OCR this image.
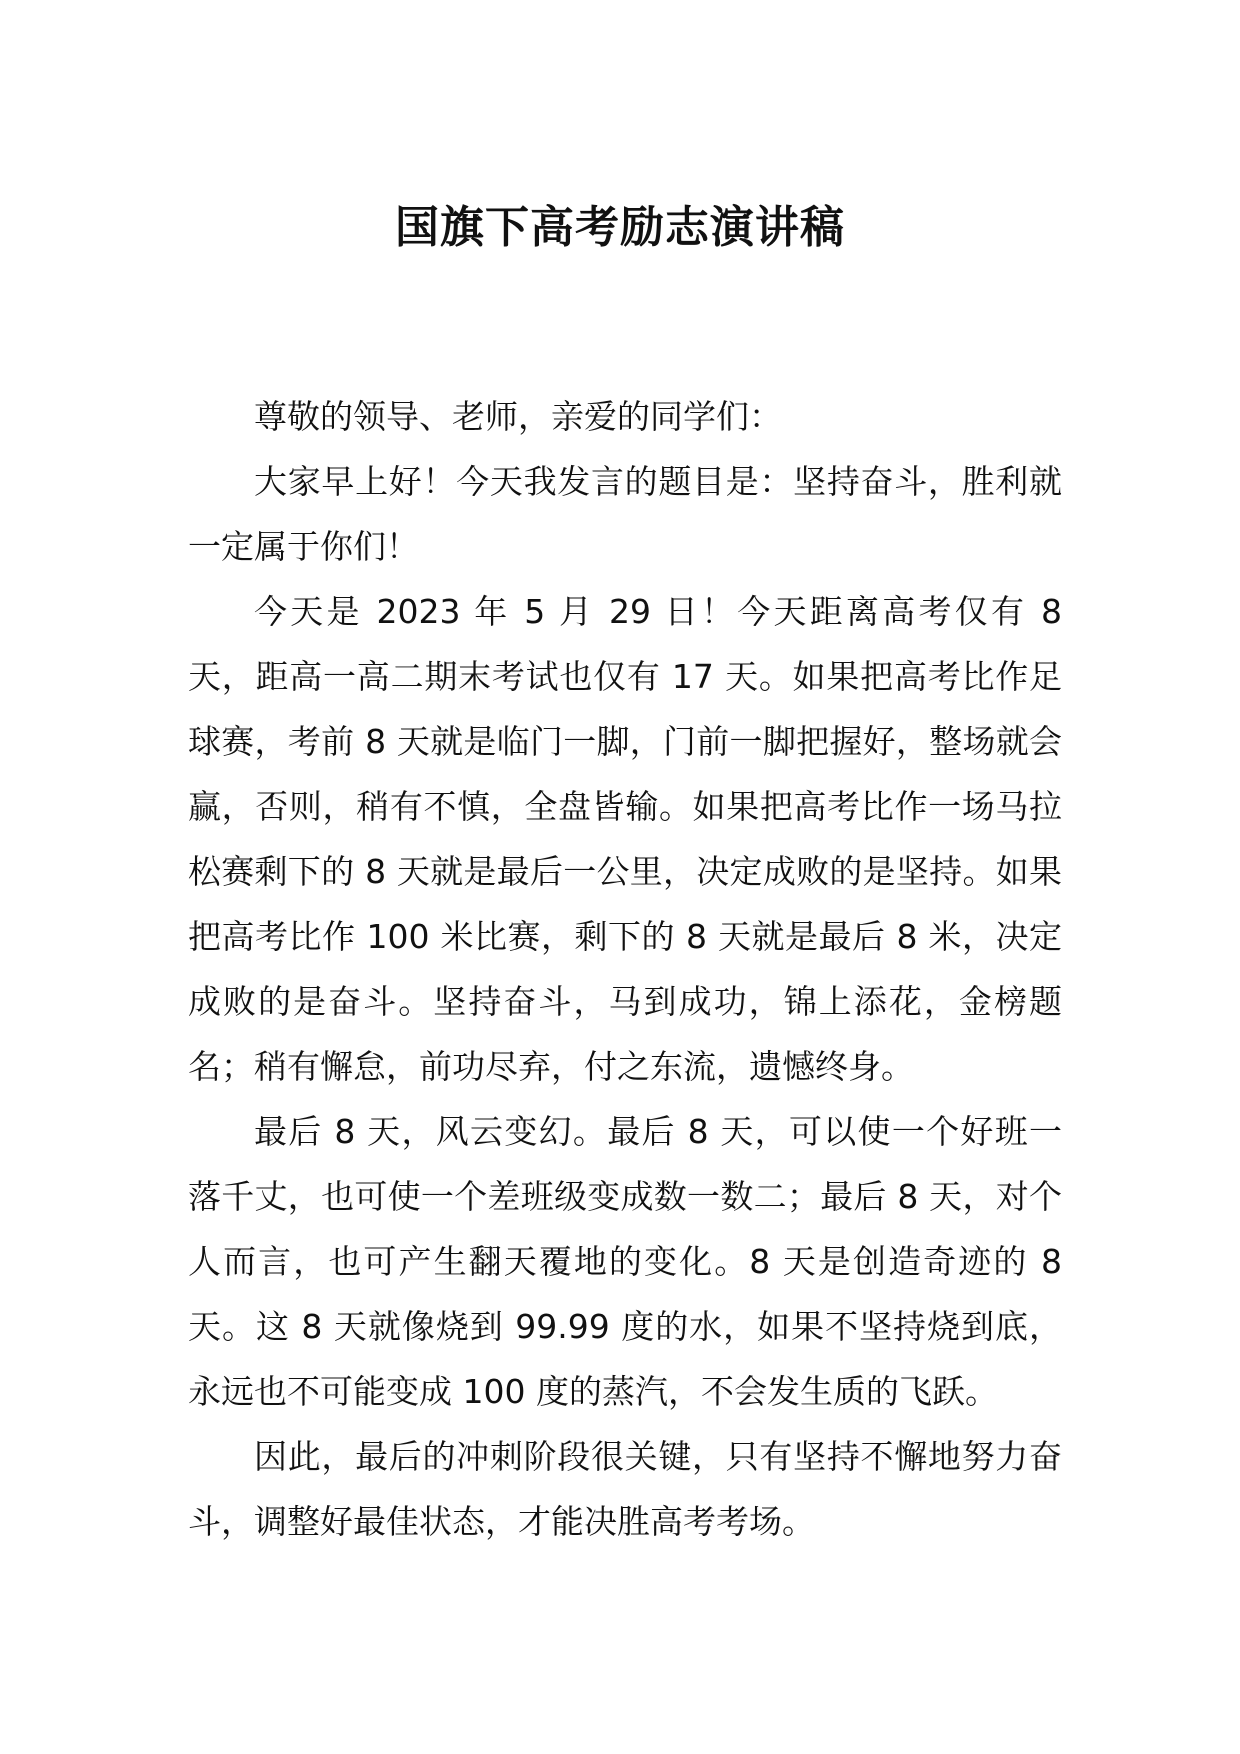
国旗下高考励志演讲稿

尊敬的领导、老师，亲爱的同学们：

大家早上好！今天我发言的题目是：坚持奋斗，胜利就一定属于你们！

今天是 2023 年 5 月 29 日！今天距离高考仅有 8 天，距高一高二期末考试也仅有 17 天。如果把高考比作足球赛，考前 8 天就是临门一脚，门前一脚把握好，整场就会赢，否则，稍有不慎，全盘皆输。如果把高考比作一场马拉松赛剩下的 8 天就是最后一公里，决定成败的是坚持。如果把高考比作 100 米比赛，剩下的 8 天就是最后 8 米，决定成败的是奋斗。坚持奋斗，马到成功，锦上添花，金榜题名；稍有懈怠，前功尽弃，付之东流，遗憾终身。

最后 8 天，风云变幻。最后 8 天，可以使一个好班一落千丈，也可使一个差班级变成数一数二；最后 8 天，对个人而言，也可产生翻天覆地的变化。8 天是创造奇迹的 8 天。这 8 天就像烧到 99.99 度的水，如果不坚持烧到底，永远也不可能变成 100 度的蒸汽，不会发生质的飞跃。

因此，最后的冲刺阶段很关键，只有坚持不懈地努力奋斗，调整好最佳状态，才能决胜高考考场。
